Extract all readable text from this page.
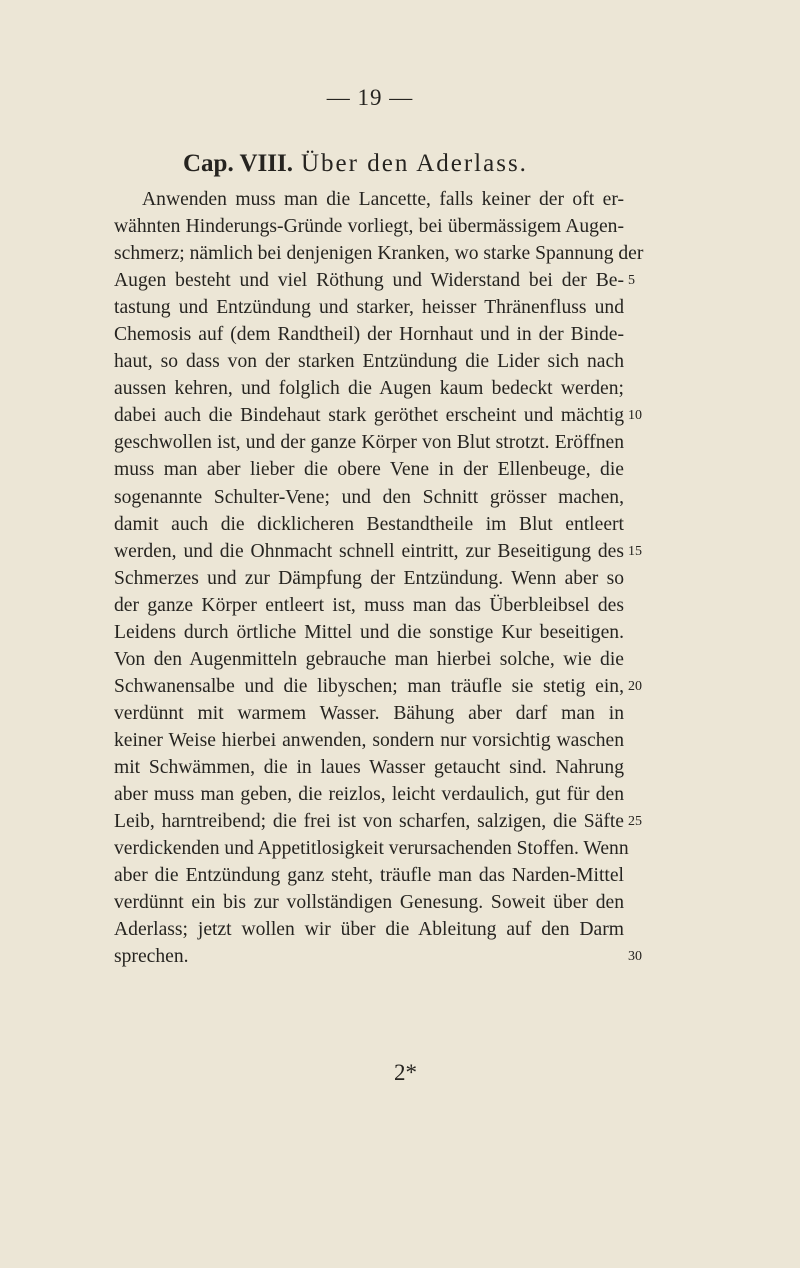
— 19 —
Cap. VIII. Über den Aderlass.
Anwenden muss man die Lancette, falls keiner der oft er-
wähnten Hinderungs-Gründe vorliegt, bei übermässigem Augen-
schmerz; nämlich bei denjenigen Kranken, wo starke Spannung der
Augen besteht und viel Röthung und Widerstand bei der Be- 5
tastung und Entzündung und starker, heisser Thränenfluss und
Chemosis auf (dem Randtheil) der Hornhaut und in der Binde-
haut, so dass von der starken Entzündung die Lider sich nach
aussen kehren, und folglich die Augen kaum bedeckt werden;
dabei auch die Bindehaut stark geröthet erscheint und mächtig 10
geschwollen ist, und der ganze Körper von Blut strotzt. Eröffnen
muss man aber lieber die obere Vene in der Ellenbeuge, die
sogenannte Schulter-Vene; und den Schnitt grösser machen,
damit auch die dicklicheren Bestandtheile im Blut entleert
werden, und die Ohnmacht schnell eintritt, zur Beseitigung des 15
Schmerzes und zur Dämpfung der Entzündung. Wenn aber so
der ganze Körper entleert ist, muss man das Überbleibsel des
Leidens durch örtliche Mittel und die sonstige Kur beseitigen.
Von den Augenmitteln gebrauche man hierbei solche, wie die
Schwanensalbe und die libyschen; man träufle sie stetig ein, 20
verdünnt mit warmem Wasser. Bähung aber darf man in
keiner Weise hierbei anwenden, sondern nur vorsichtig waschen
mit Schwämmen, die in laues Wasser getaucht sind. Nahrung
aber muss man geben, die reizlos, leicht verdaulich, gut für den
Leib, harntreibend; die frei ist von scharfen, salzigen, die Säfte 25
verdickenden und Appetitlosigkeit verursachenden Stoffen. Wenn
aber die Entzündung ganz steht, träufle man das Narden-Mittel
verdünnt ein bis zur vollständigen Genesung. Soweit über den
Aderlass; jetzt wollen wir über die Ableitung auf den Darm
sprechen.	30
2*
